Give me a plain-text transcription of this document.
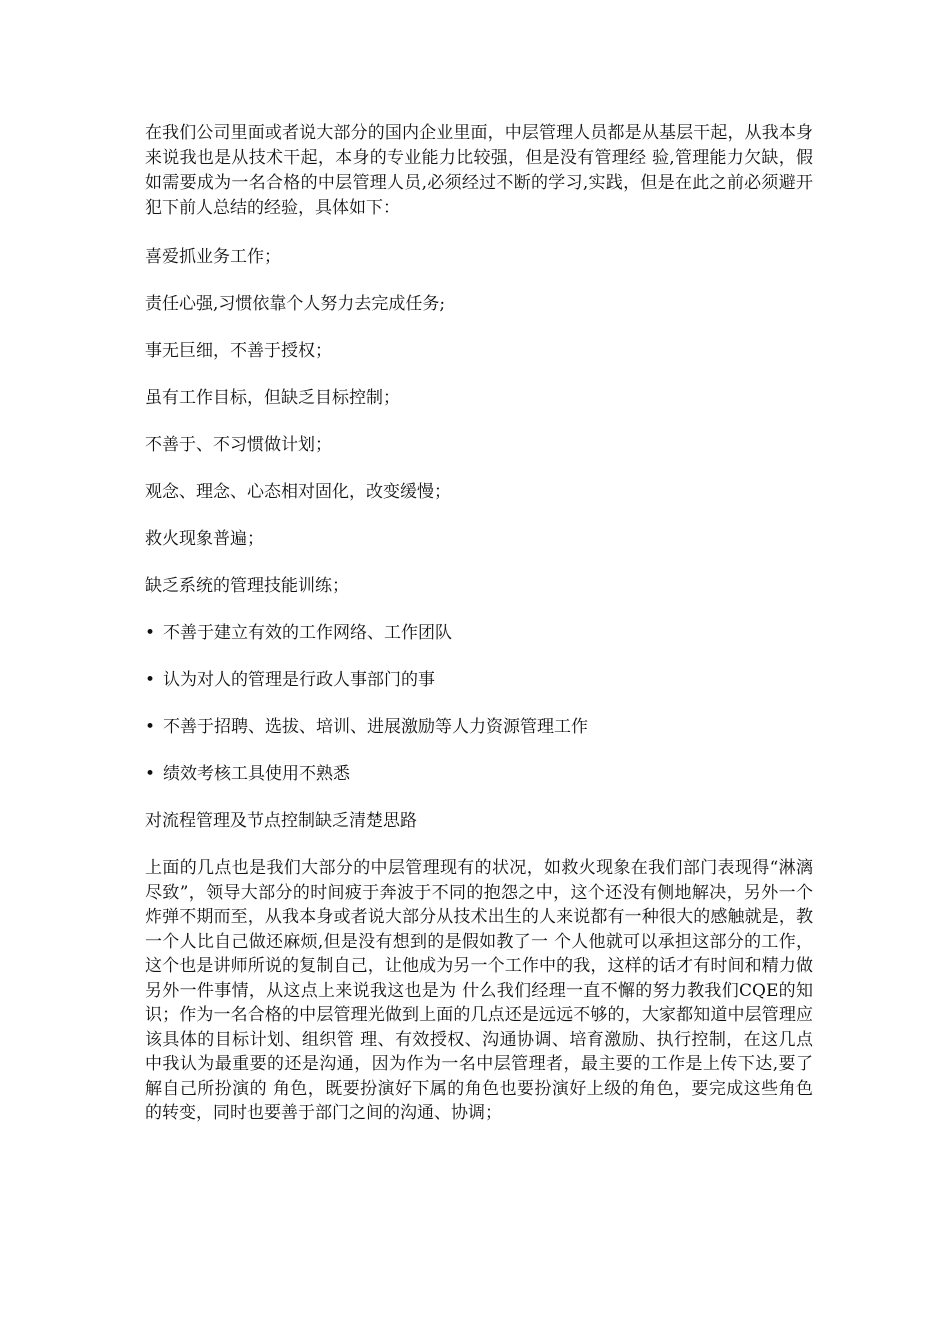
在我们公司里面或者说大部分的国内企业里面，中层管理人员都是从基层干起，从我本身来说我也是从技术干起，本身的专业能力比较强，但是没有管理经 验,管理能力欠缺，假如需要成为一名合格的中层管理人员,必须经过不断的学习,实践，但是在此之前必须避开犯下前人总结的经验，具体如下：

喜爱抓业务工作；

责任心强,习惯依靠个人努力去完成任务;

事无巨细，不善于授权；

虽有工作目标，但缺乏目标控制；

不善于、不习惯做计划；

观念、理念、心态相对固化，改变缓慢；

救火现象普遍；

缺乏系统的管理技能训练；

• 不善于建立有效的工作网络、工作团队
• 认为对人的管理是行政人事部门的事
• 不善于招聘、选拔、培训、进展激励等人力资源管理工作
• 绩效考核工具使用不熟悉

对流程管理及节点控制缺乏清楚思路

上面的几点也是我们大部分的中层管理现有的状况，如救火现象在我们部门表现得“淋漓尽致”，领导大部分的时间疲于奔波于不同的抱怨之中，这个还没有侧地解决，另外一个炸弹不期而至，从我本身或者说大部分从技术出生的人来说都有一种很大的感触就是，教一个人比自己做还麻烦,但是没有想到的是假如教了一 个人他就可以承担这部分的工作，这个也是讲师所说的复制自己，让他成为另一个工作中的我，这样的话才有时间和精力做另外一件事情，从这点上来说我这也是为 什么我们经理一直不懈的努力教我们CQE的知识；作为一名合格的中层管理光做到上面的几点还是远远不够的，大家都知道中层管理应该具体的目标计划、组织管 理、有效授权、沟通协调、培育激励、执行控制，在这几点中我认为最重要的还是沟通，因为作为一名中层管理者，最主要的工作是上传下达,要了解自己所扮演的 角色，既要扮演好下属的角色也要扮演好上级的角色，要完成这些角色的转变，同时也要善于部门之间的沟通、协调；
